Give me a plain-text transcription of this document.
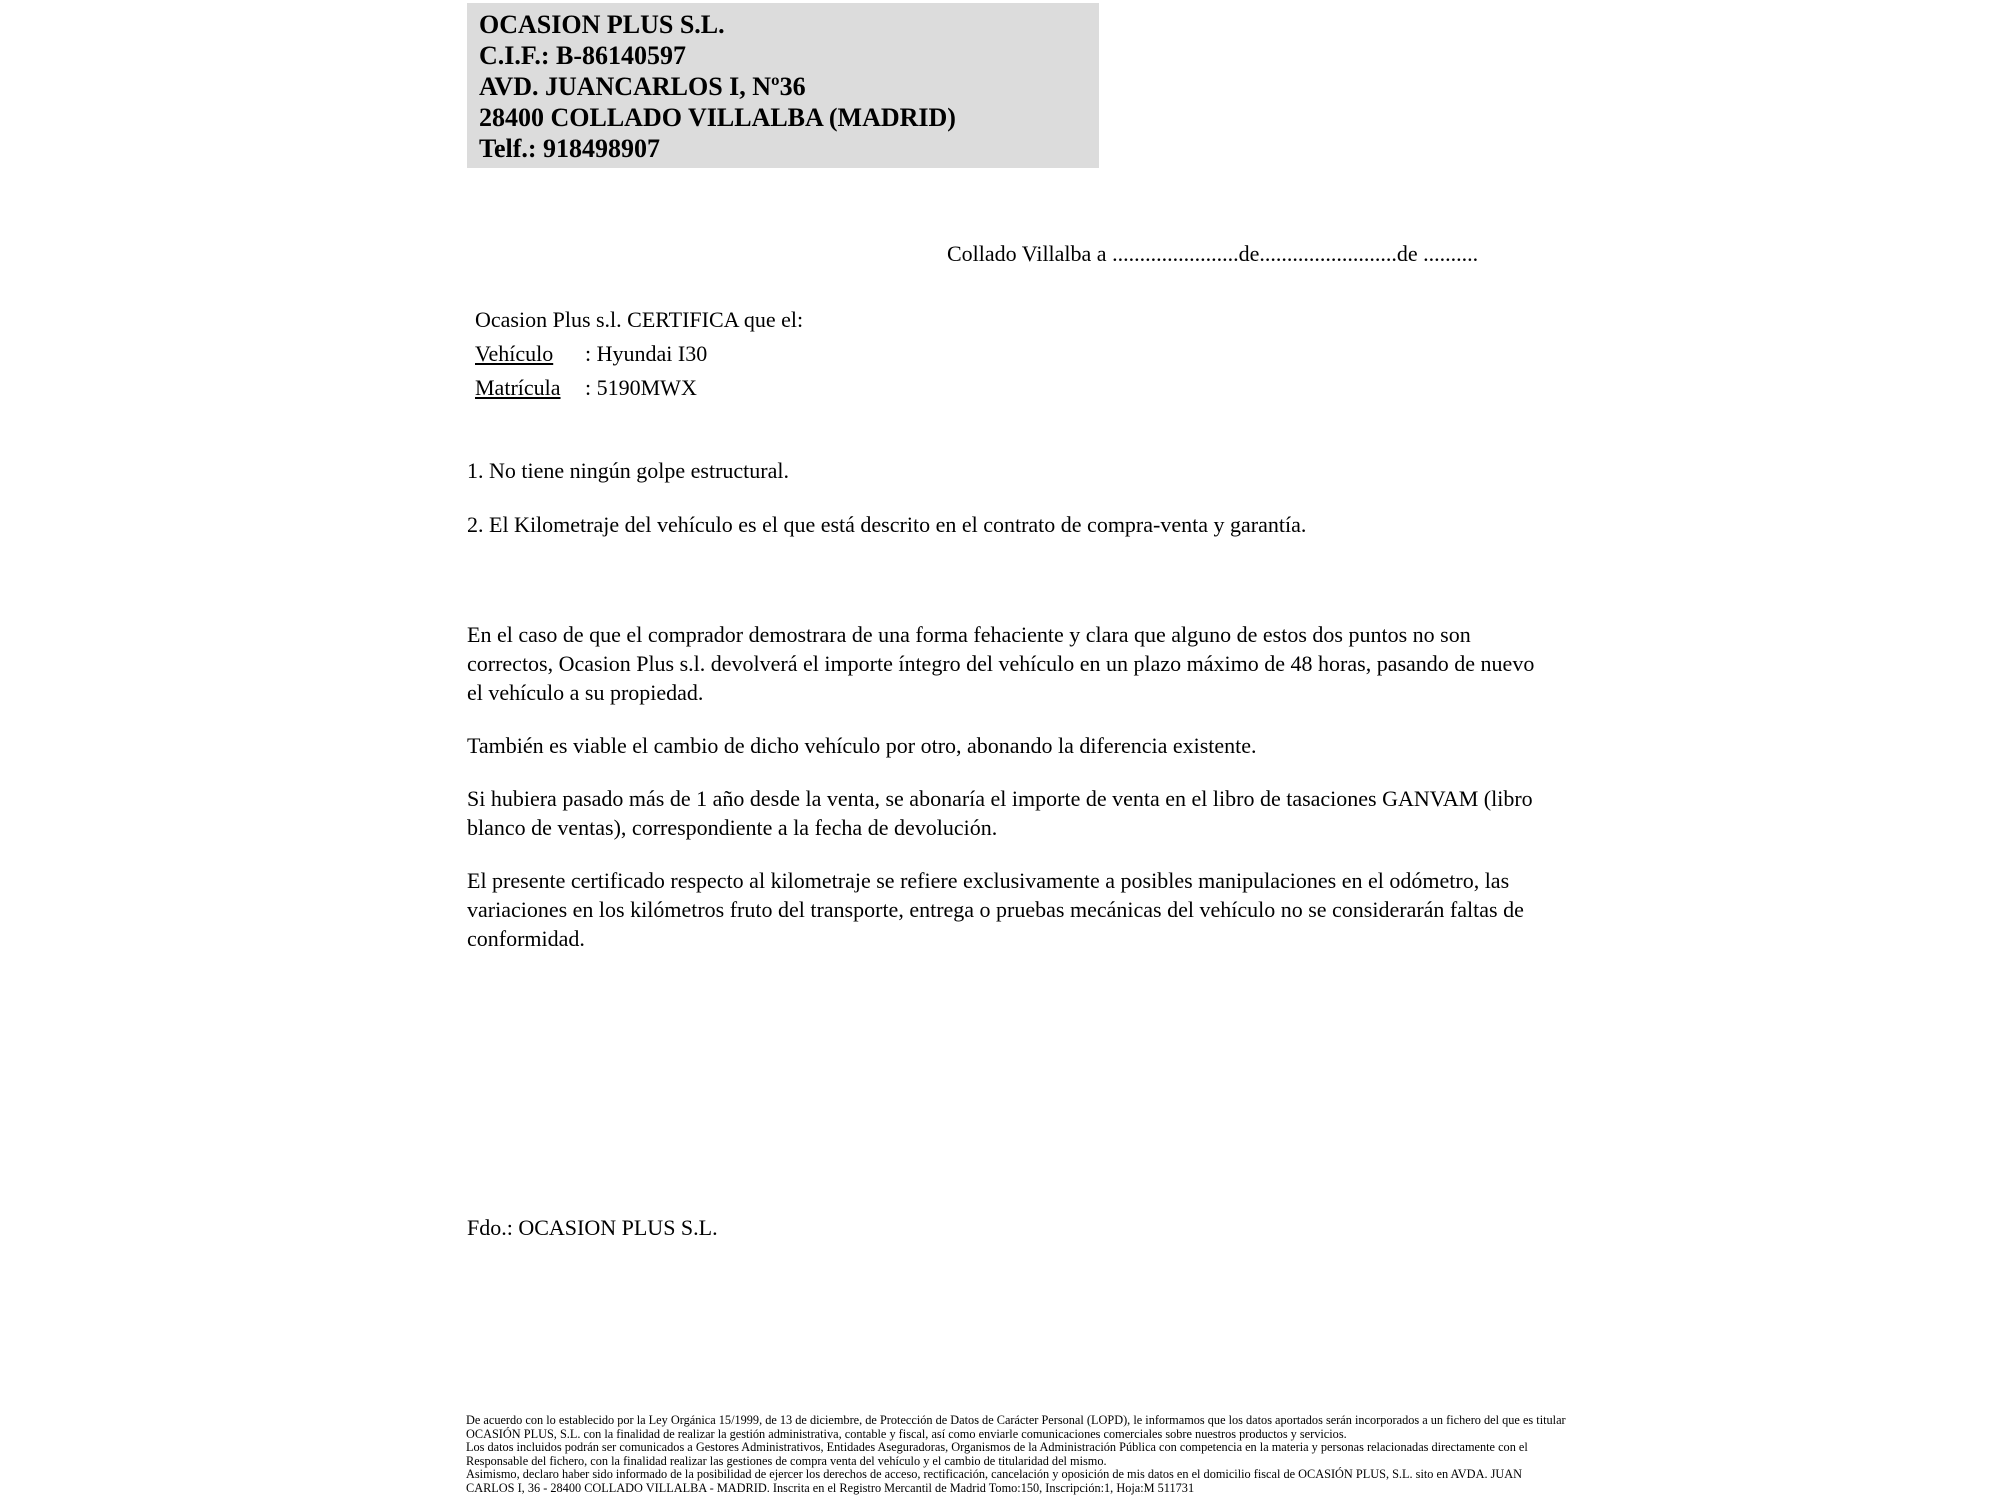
OCASION PLUS S.L.
C.I.F.: B-86140597
AVD. JUANCARLOS I, Nº36
28400 COLLADO VILLALBA (MADRID)
Telf.: 918498907
Collado Villalba a .......................de.........................de ..........
Ocasion Plus s.l. CERTIFICA que el:
Vehículo : Hyundai I30
Matrícula : 5190MWX
1. No tiene ningún golpe estructural.
2. El Kilometraje del vehículo es el que está descrito en el contrato de compra-venta y garantía.

En el caso de que el comprador demostrara de una forma fehaciente y clara que alguno de estos dos puntos no son correctos, Ocasion Plus s.l. devolverá el importe íntegro del vehículo en un plazo máximo de 48 horas, pasando de nuevo el vehículo a su propiedad.

También es viable el cambio de dicho vehículo por otro, abonando la diferencia existente.

Si hubiera pasado más de 1 año desde la venta, se abonaría el importe de venta en el libro de tasaciones GANVAM (libro blanco de ventas), correspondiente a la fecha de devolución.

El presente certificado respecto al kilometraje se refiere exclusivamente a posibles manipulaciones en el odómetro, las variaciones en los kilómetros fruto del transporte, entrega o pruebas mecánicas del vehículo no se considerarán faltas de conformidad.

Fdo.: OCASION PLUS S.L.
De acuerdo con lo establecido por la Ley Orgánica 15/1999, de 13 de diciembre, de Protección de Datos de Carácter Personal (LOPD), le informamos que los datos aportados serán incorporados a un fichero del que es titular
OCASIÓN PLUS, S.L. con la finalidad de realizar la gestión administrativa, contable y fiscal, así como enviarle comunicaciones comerciales sobre nuestros productos y servicios.
Los datos incluidos podrán ser comunicados a Gestores Administrativos, Entidades Aseguradoras, Organismos de la Administración Pública con competencia en la materia y personas relacionadas directamente con el
Responsable del fichero, con la finalidad realizar las gestiones de compra venta del vehículo y el cambio de titularidad del mismo.
Asimismo, declaro haber sido informado de la posibilidad de ejercer los derechos de acceso, rectificación, cancelación y oposición de mis datos en el domicilio fiscal de OCASIÓN PLUS, S.L. sito en AVDA. JUAN
CARLOS I, 36 - 28400 COLLADO VILLALBA - MADRID. Inscrita en el Registro Mercantil de Madrid Tomo:150, Inscripción:1, Hoja:M 511731
